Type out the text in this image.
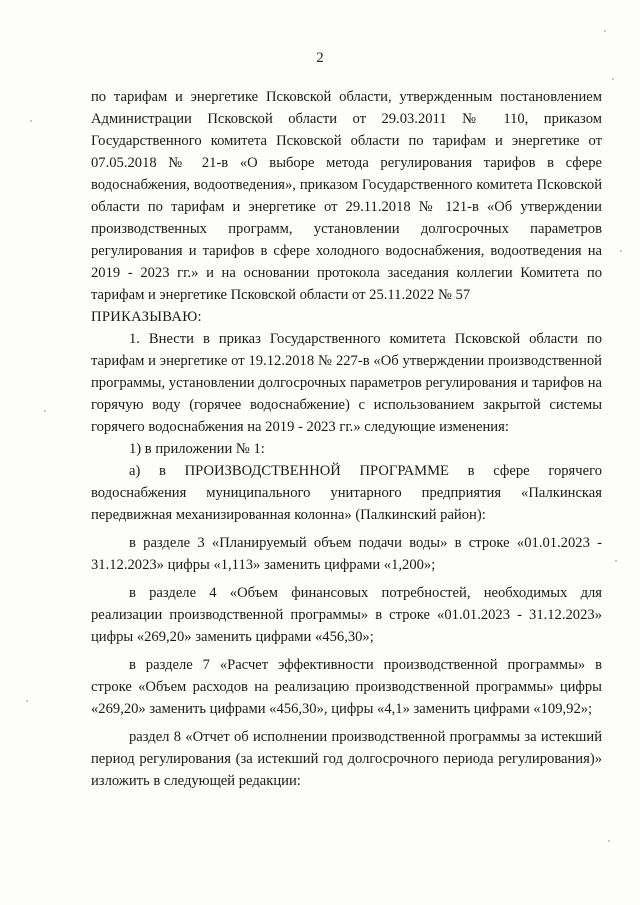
2

по тарифам и энергетике Псковской области, утвержденным постановлением Администрации Псковской области от 29.03.2011 № 110, приказом Государственного комитета Псковской области по тарифам и энергетике от 07.05.2018 № 21-в «О выборе метода регулирования тарифов в сфере водоснабжения, водоотведения», приказом Государственного комитета Псковской области по тарифам и энергетике от 29.11.2018 № 121-в «Об утверждении производственных программ, установлении долгосрочных параметров регулирования и тарифов в сфере холодного водоснабжения, водоотведения на 2019 - 2023 гг.» и на основании протокола заседания коллегии Комитета по тарифам и энергетике Псковской области от 25.11.2022 № 57

ПРИКАЗЫВАЮ:

1. Внести в приказ Государственного комитета Псковской области по тарифам и энергетике от 19.12.2018 № 227-в «Об утверждении производственной программы, установлении долгосрочных параметров регулирования и тарифов на горячую воду (горячее водоснабжение) с использованием закрытой системы горячего водоснабжения на 2019 - 2023 гг.» следующие изменения:

1) в приложении № 1:

а) в ПРОИЗВОДСТВЕННОЙ ПРОГРАММЕ в сфере горячего водоснабжения муниципального унитарного предприятия «Палкинская передвижная механизированная колонна» (Палкинский район):

в разделе 3 «Планируемый объем подачи воды» в строке «01.01.2023 - 31.12.2023» цифры «1,113» заменить цифрами «1,200»;

в разделе 4 «Объем финансовых потребностей, необходимых для реализации производственной программы» в строке «01.01.2023 - 31.12.2023» цифры «269,20» заменить цифрами «456,30»;

в разделе 7 «Расчет эффективности производственной программы» в строке «Объем расходов на реализацию производственной программы» цифры «269,20» заменить цифрами «456,30», цифры «4,1» заменить цифрами «109,92»;

раздел 8 «Отчет об исполнении производственной программы за истекший период регулирования (за истекший год долгосрочного периода регулирования)» изложить в следующей редакции:
